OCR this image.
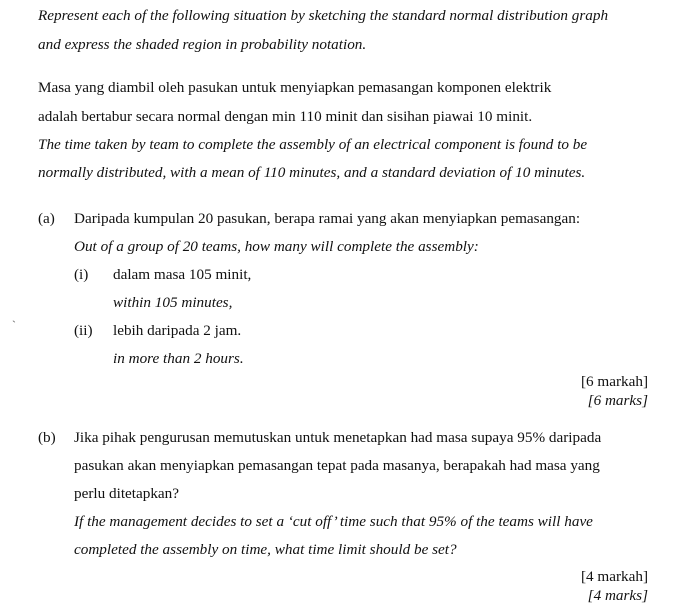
Represent each of the following situation by sketching the standard normal distribution graph
and express the shaded region in probability notation.
Masa yang diambil oleh pasukan untuk menyiapkan pemasangan komponen elektrik
adalah bertabur secara normal dengan min 110 minit dan sisihan piawai 10 minit.
The time taken by team to complete the assembly of an electrical component is found to be
normally distributed, with a mean of 110 minutes, and a standard deviation of 10 minutes.
(a) Daripada kumpulan 20 pasukan, berapa ramai yang akan menyiapkan pemasangan:
Out of a group of 20 teams, how many will complete the assembly:
(i) dalam masa 105 minit,
within 105 minutes,
(ii) lebih daripada 2 jam.
in more than 2 hours.
[6 markah]
[6 marks]
(b) Jika pihak pengurusan memutuskan untuk menetapkan had masa supaya 95% daripada
pasukan akan menyiapkan pemasangan tepat pada masanya, berapakah had masa yang
perlu ditetapkan?
If the management decides to set a ‘cut off’ time such that 95% of the teams will have
completed the assembly on time, what time limit should be set?
[4 markah]
[4 marks]
`
